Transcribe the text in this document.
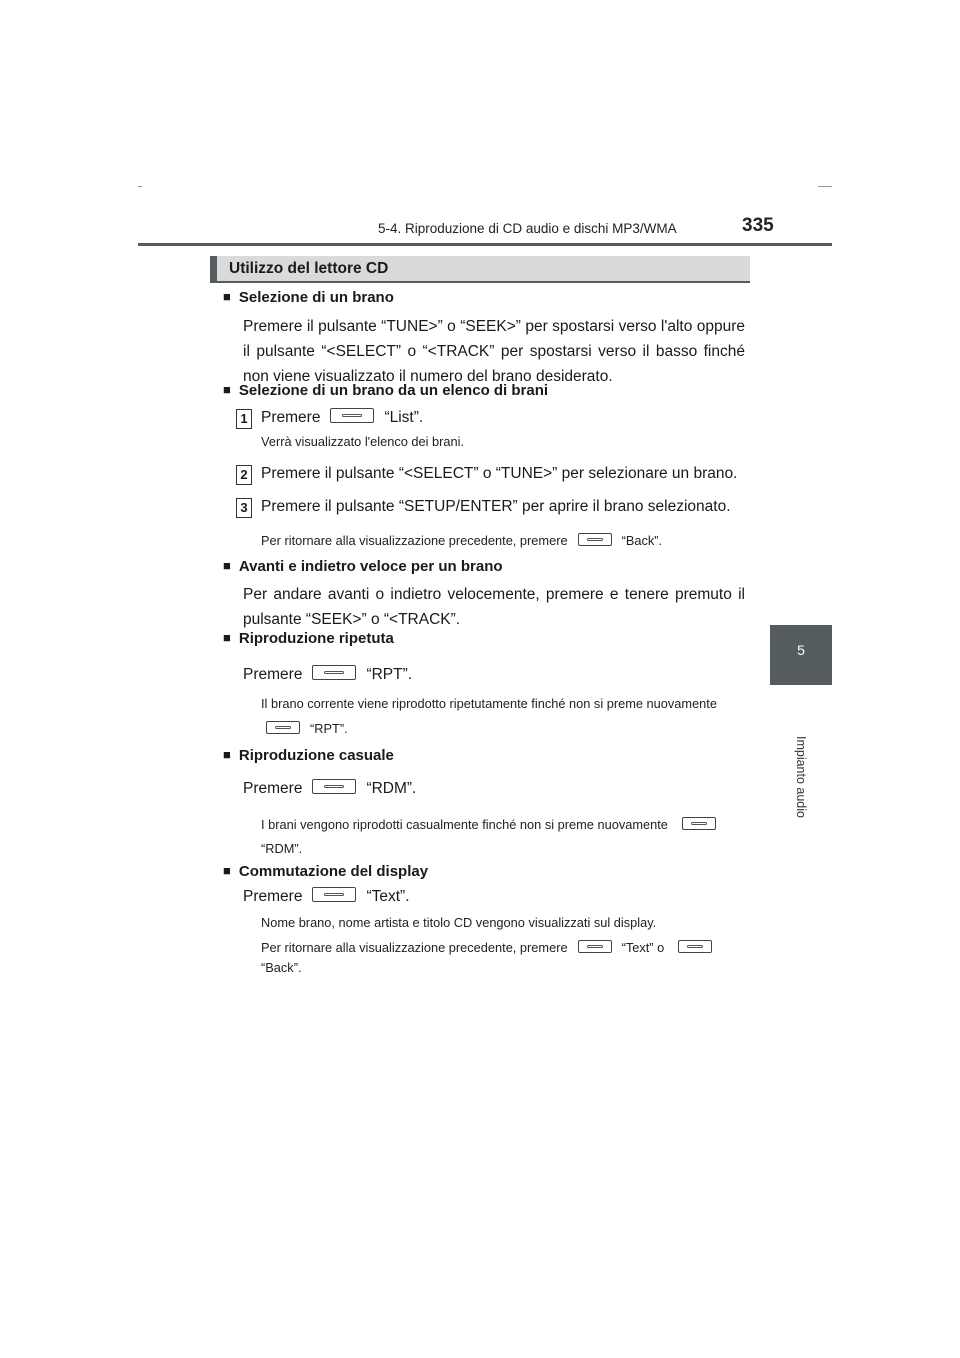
5-4. Riproduzione di CD audio e dischi MP3/WMA	335
5
Impianto audio
Utilizzo del lettore CD
■ Selezione di un brano
Premere il pulsante “TUNE>” o “SEEK>” per spostarsi verso l'alto oppure il pulsante “<SELECT” o “<TRACK” per spostarsi verso il basso finché non viene visualizzato il numero del brano desiderato.
■ Selezione di un brano da un elenco di brani
1 Premere	“List”.
Verrà visualizzato l'elenco dei brani.
2 Premere il pulsante “<SELECT” o “TUNE>” per selezionare un brano.
3 Premere il pulsante “SETUP/ENTER” per aprire il brano selezionato.
Per ritornare alla visualizzazione precedente, premere	“Back”.
■ Avanti e indietro veloce per un brano
Per andare avanti o indietro velocemente, premere e tenere premuto il pulsante “SEEK>” o “<TRACK”.
■ Riproduzione ripetuta
Premere	“RPT”.
Il brano corrente viene riprodotto ripetutamente finché non si preme nuovamente
“RPT”.
■ Riproduzione casuale
Premere	“RDM”.
I brani vengono riprodotti casualmente finché non si preme nuovamente
“RDM”.
■ Commutazione del display
Premere	“Text”.
Nome brano, nome artista e titolo CD vengono visualizzati sul display.
Per ritornare alla visualizzazione precedente, premere	“Text” o
“Back”.
